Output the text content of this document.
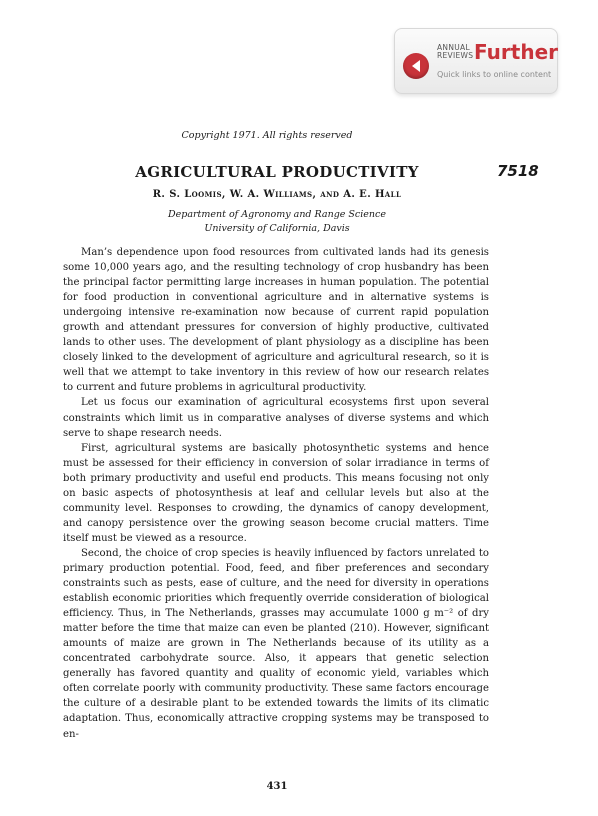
ANNUAL
REVIEWS Further
Quick links to online content
Copyright 1971. All rights reserved
AGRICULTURAL PRODUCTIVITY	7518
R. S. Loomis, W. A. Williams, and A. E. Hall
Department of Agronomy and Range Science
University of California, Davis

Man’s dependence upon food resources from cultivated lands had its genesis some 10,000 years ago, and the resulting technology of crop husbandry has been the principal factor permitting large increases in human population. The potential for food production in conventional agriculture and in alternative systems is undergoing intensive re-examination now because of current rapid population growth and attendant pressures for conversion of highly productive, cultivated lands to other uses. The development of plant physiology as a discipline has been closely linked to the development of agriculture and agricultural research, so it is well that we attempt to take inventory in this review of how our research relates to current and future problems in agricultural productivity.

Let us focus our examination of agricultural ecosystems first upon several constraints which limit us in comparative analyses of diverse systems and which serve to shape research needs.

First, agricultural systems are basically photosynthetic systems and hence must be assessed for their efficiency in conversion of solar irradiance in terms of both primary productivity and useful end products. This means focusing not only on basic aspects of photosynthesis at leaf and cellular levels but also at the community level. Responses to crowding, the dynamics of canopy development, and canopy persistence over the growing season become crucial matters. Time itself must be viewed as a resource.

Second, the choice of crop species is heavily influenced by factors unrelated to primary production potential. Food, feed, and fiber preferences and secondary constraints such as pests, ease of culture, and the need for diversity in operations establish economic priorities which frequently override consideration of biological efficiency. Thus, in The Netherlands, grasses may accumulate 1000 g m⁻² of dry matter before the time that maize can even be planted (210). However, significant amounts of maize are grown in The Netherlands because of its utility as a concentrated carbohydrate source. Also, it appears that genetic selection generally has favored quantity and quality of economic yield, variables which often correlate poorly with community productivity. These same factors encourage the culture of a desirable plant to be extended towards the limits of its climatic adaptation. Thus, economically attractive cropping systems may be transposed to en-

431
